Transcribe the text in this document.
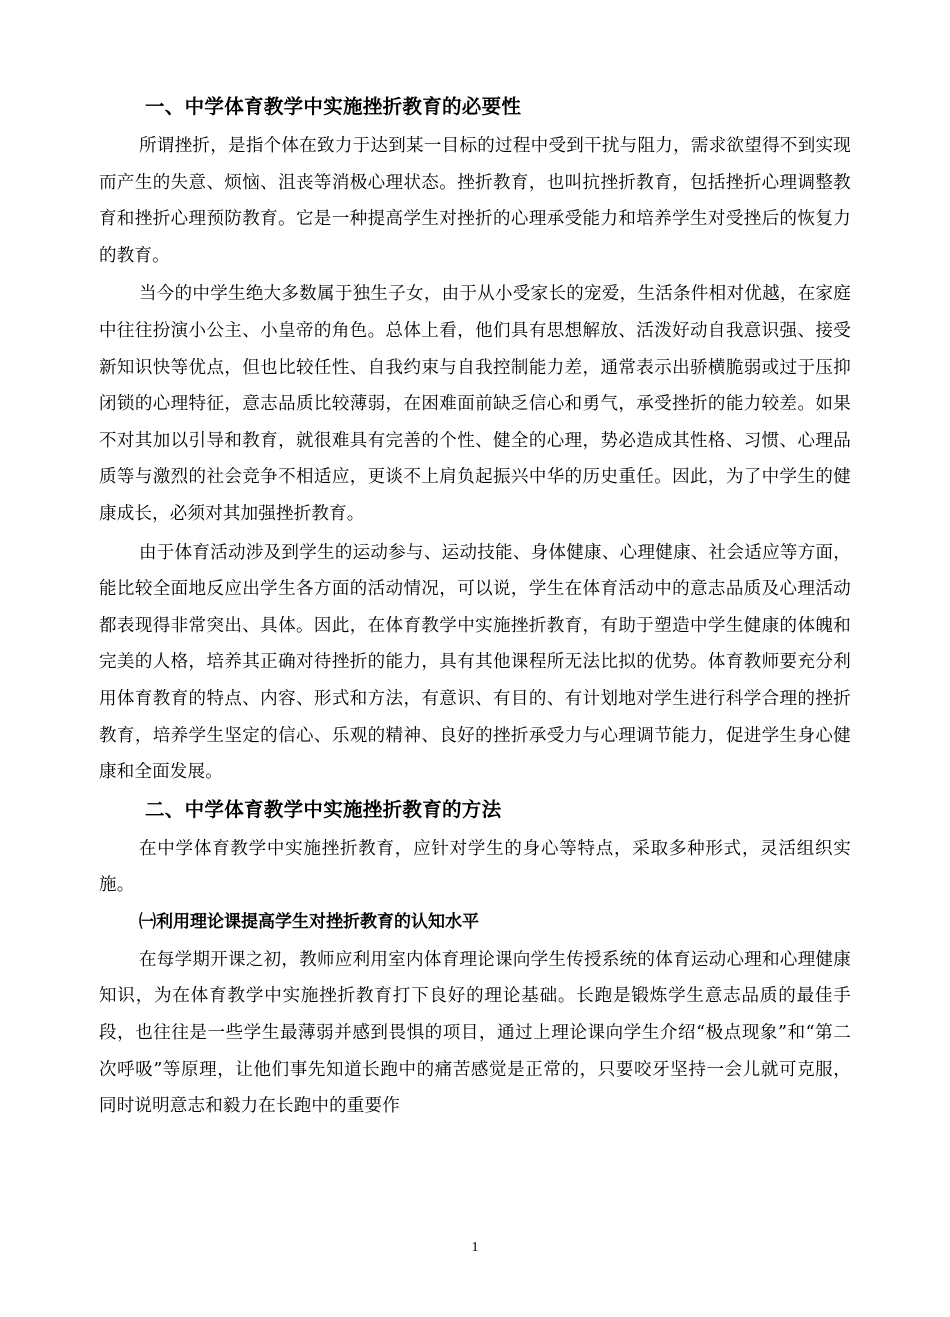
一、中学体育教学中实施挫折教育的必要性

所谓挫折，是指个体在致力于达到某一目标的过程中受到干扰与阻力，需求欲望得不到实现而产生的失意、烦恼、沮丧等消极心理状态。挫折教育，也叫抗挫折教育，包括挫折心理调整教育和挫折心理预防教育。它是一种提高学生对挫折的心理承受能力和培养学生对受挫后的恢复力的教育。

当今的中学生绝大多数属于独生子女，由于从小受家长的宠爱，生活条件相对优越，在家庭中往往扮演小公主、小皇帝的角色。总体上看，他们具有思想解放、活泼好动自我意识强、接受新知识快等优点，但也比较任性、自我约束与自我控制能力差，通常表示出骄横脆弱或过于压抑闭锁的心理特征，意志品质比较薄弱，在困难面前缺乏信心和勇气，承受挫折的能力较差。如果不对其加以引导和教育，就很难具有完善的个性、健全的心理，势必造成其性格、习惯、心理品质等与激烈的社会竞争不相适应，更谈不上肩负起振兴中华的历史重任。因此，为了中学生的健康成长，必须对其加强挫折教育。

由于体育活动涉及到学生的运动参与、运动技能、身体健康、心理健康、社会适应等方面，能比较全面地反应出学生各方面的活动情况，可以说，学生在体育活动中的意志品质及心理活动都表现得非常突出、具体。因此，在体育教学中实施挫折教育，有助于塑造中学生健康的体魄和完美的人格，培养其正确对待挫折的能力，具有其他课程所无法比拟的优势。体育教师要充分利用体育教育的特点、内容、形式和方法，有意识、有目的、有计划地对学生进行科学合理的挫折教育，培养学生坚定的信心、乐观的精神、良好的挫折承受力与心理调节能力，促进学生身心健康和全面发展。

二、中学体育教学中实施挫折教育的方法

在中学体育教学中实施挫折教育，应针对学生的身心等特点，采取多种形式，灵活组织实施。

㈠利用理论课提高学生对挫折教育的认知水平

在每学期开课之初，教师应利用室内体育理论课向学生传授系统的体育运动心理和心理健康知识，为在体育教学中实施挫折教育打下良好的理论基础。长跑是锻炼学生意志品质的最佳手段，也往往是一些学生最薄弱并感到畏惧的项目，通过上理论课向学生介绍“极点现象”和“第二次呼吸”等原理，让他们事先知道长跑中的痛苦感觉是正常的，只要咬牙坚持一会儿就可克服，同时说明意志和毅力在长跑中的重要作

1
